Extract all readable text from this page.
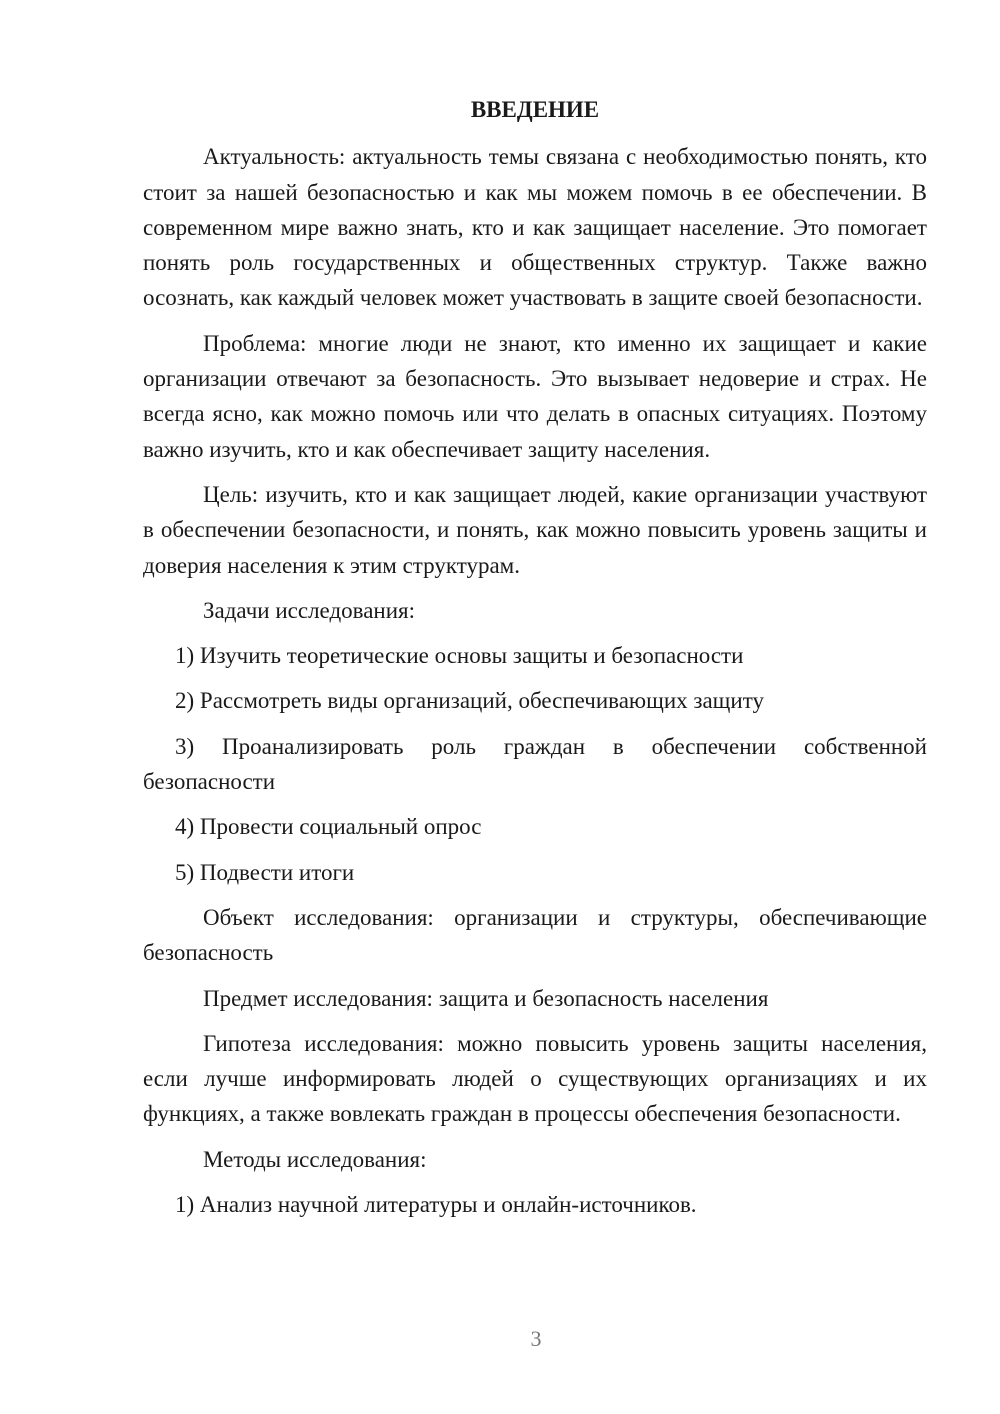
ВВЕДЕНИЕ

Актуальность: актуальность темы связана с необходимостью понять, кто стоит за нашей безопасностью и как мы можем помочь в ее обеспечении. В современном мире важно знать, кто и как защищает население. Это помогает понять роль государственных и общественных структур. Также важно осознать, как каждый человек может участвовать в защите своей безопасности.

Проблема: многие люди не знают, кто именно их защищает и какие организации отвечают за безопасность. Это вызывает недоверие и страх. Не всегда ясно, как можно помочь или что делать в опасных ситуациях. Поэтому важно изучить, кто и как обеспечивает защиту населения.

Цель: изучить, кто и как защищает людей, какие организации участвуют в обеспечении безопасности, и понять, как можно повысить уровень защиты и доверия населения к этим структурам.

Задачи исследования:

1) Изучить теоретические основы защиты и безопасности

2) Рассмотреть виды организаций, обеспечивающих защиту

3) Проанализировать роль граждан в обеспечении собственной безопасности

4) Провести социальный опрос

5) Подвести итоги

Объект исследования: организации и структуры, обеспечивающие безопасность

Предмет исследования: защита и безопасность населения

Гипотеза исследования: можно повысить уровень защиты населения, если лучше информировать людей о существующих организациях и их функциях, а также вовлекать граждан в процессы обеспечения безопасности.

Методы исследования:

1) Анализ научной литературы и онлайн-источников.

3
